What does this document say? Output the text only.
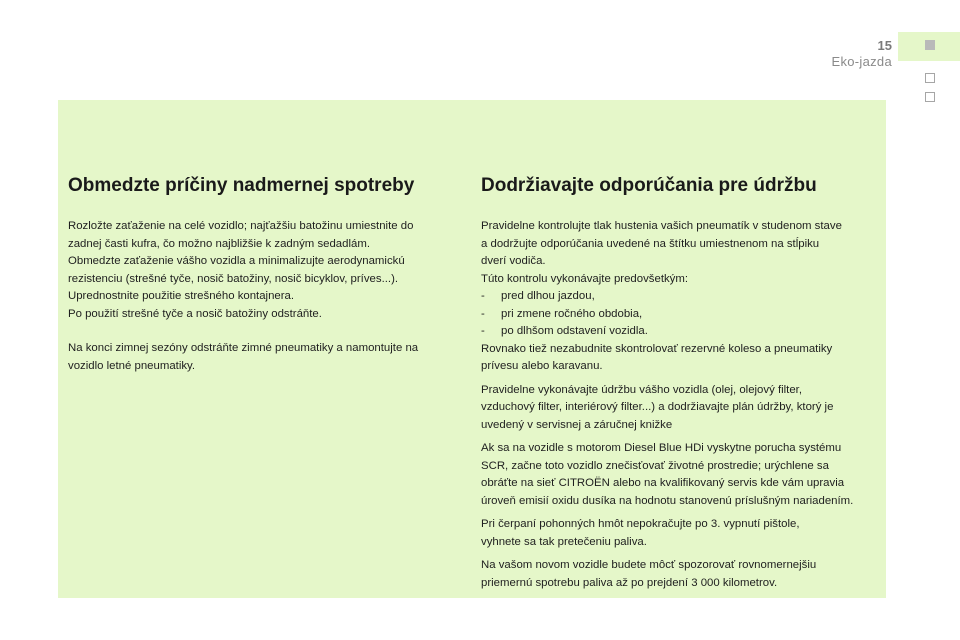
15
Eko-jazda
Obmedzte príčiny nadmernej spotreby

Rozložte zaťaženie na celé vozidlo; najťažšiu batožinu umiestnite do
zadnej časti kufra, čo možno najbližšie k zadným sedadlám.
Obmedzte zaťaženie vášho vozidla a minimalizujte aerodynamickú
rezistenciu (strešné tyče, nosič batožiny, nosič bicyklov, príves...).
Uprednostnite použitie strešného kontajnera.
Po použití strešné tyče a nosič batožiny odstráňte.

Na konci zimnej sezóny odstráňte zimné pneumatiky a namontujte na
vozidlo letné pneumatiky.

Dodržiavajte odporúčania pre údržbu

Pravidelne kontrolujte tlak hustenia vašich pneumatík v studenom stave
a dodržujte odporúčania uvedené na štítku umiestnenom na stĺpiku
dverí vodiča.
Túto kontrolu vykonávajte predovšetkým:
- pred dlhou jazdou,
- pri zmene ročného obdobia,
- po dlhšom odstavení vozidla.
Rovnako tiež nezabudnite skontrolovať rezervné koleso a pneumatiky
prívesu alebo karavanu.

Pravidelne vykonávajte údržbu vášho vozidla (olej, olejový filter,
vzduchový filter, interiérový filter...) a dodržiavajte plán údržby, ktorý je
uvedený v servisnej a záručnej knižke

Ak sa na vozidle s motorom Diesel Blue HDi vyskytne porucha systému
SCR, začne toto vozidlo znečisťovať životné prostredie; urýchlene sa
obráťte na sieť CITROËN alebo na kvalifikovaný servis kde vám upravia
úroveň emisií oxidu dusíka na hodnotu stanovenú príslušným nariadením.

Pri čerpaní pohonných hmôt nepokračujte po 3. vypnutí pištole,
vyhnete sa tak pretečeniu paliva.

Na vašom novom vozidle budete môcť spozorovať rovnomernejšiu
priemernú spotrebu paliva až po prejdení 3 000 kilometrov.
